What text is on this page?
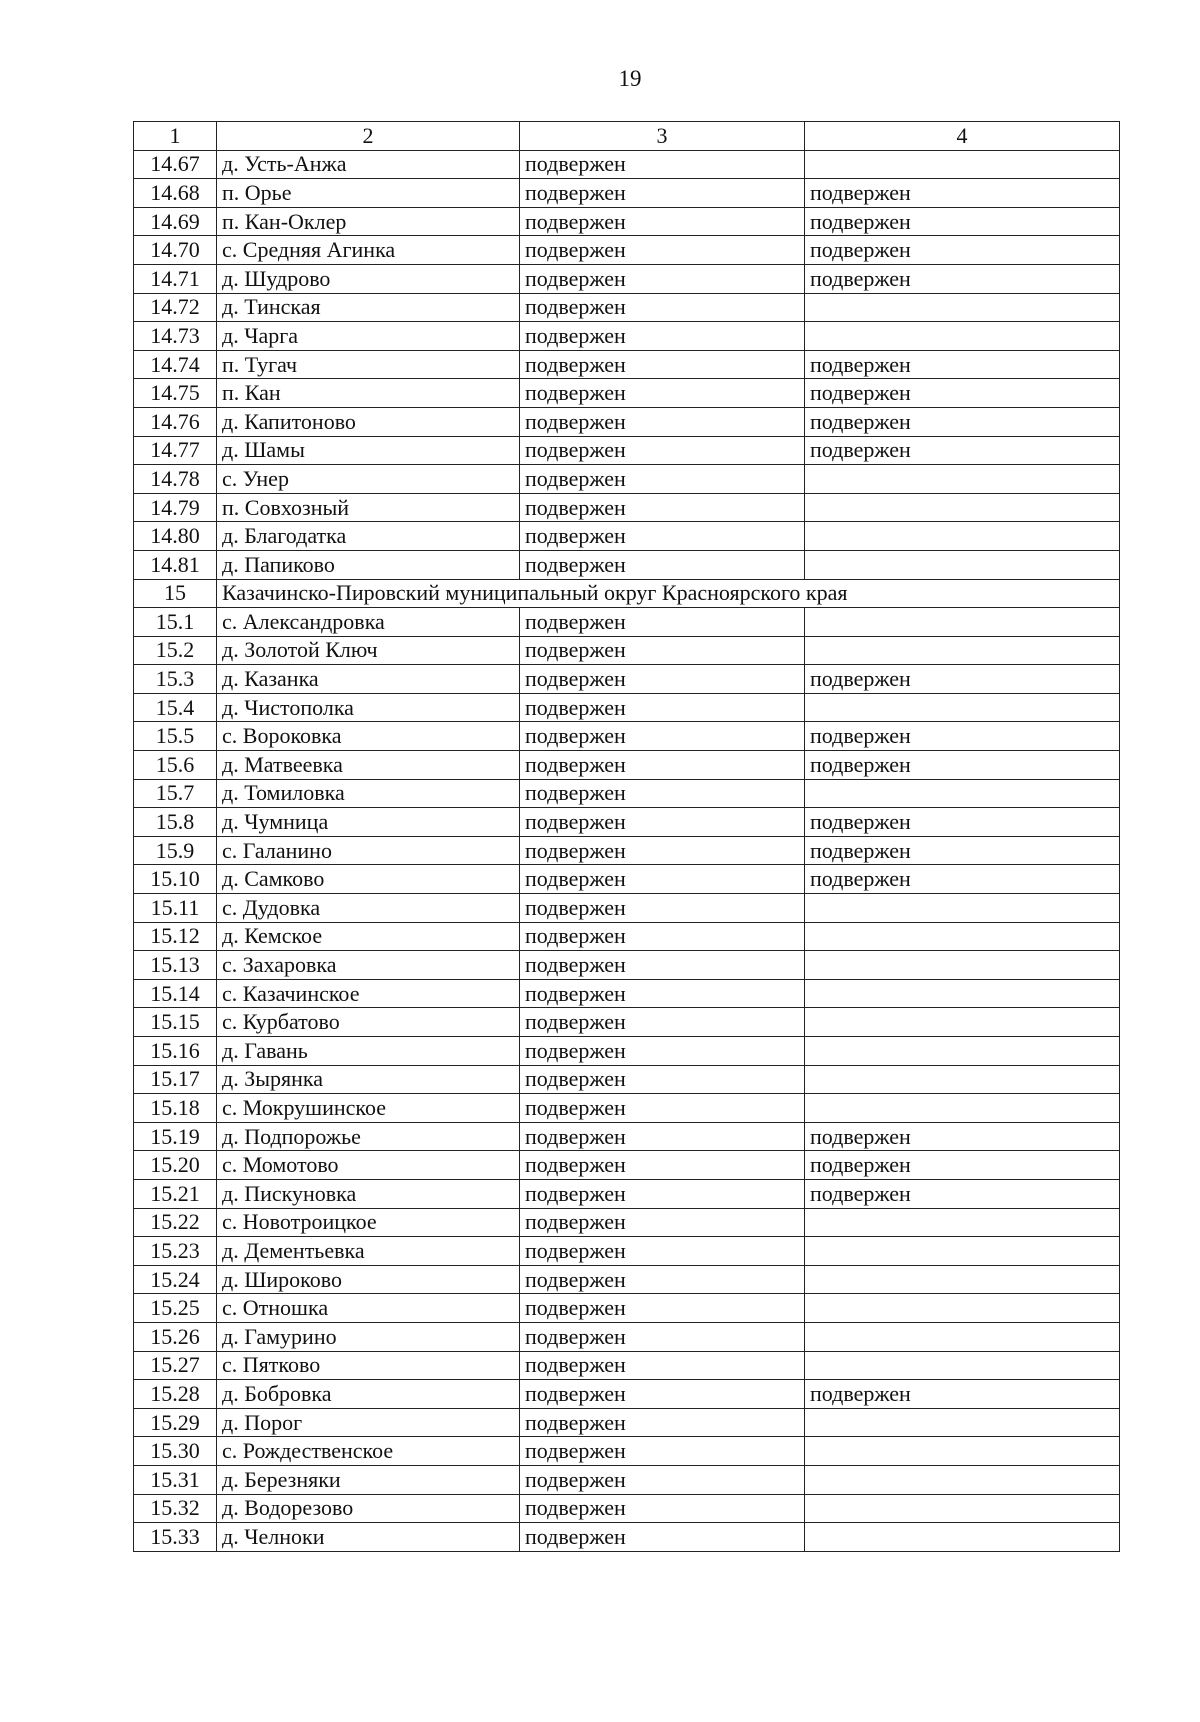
19
1	2	3	4
14.67	д. Усть-Анжа	подвержен	
14.68	п. Орье	подвержен	подвержен
14.69	п. Кан-Оклер	подвержен	подвержен
14.70	с. Средняя Агинка	подвержен	подвержен
14.71	д. Шудрово	подвержен	подвержен
14.72	д. Тинская	подвержен	
14.73	д. Чарга	подвержен	
14.74	п. Тугач	подвержен	подвержен
14.75	п. Кан	подвержен	подвержен
14.76	д. Капитоново	подвержен	подвержен
14.77	д. Шамы	подвержен	подвержен
14.78	с. Унер	подвержен	
14.79	п. Совхозный	подвержен	
14.80	д. Благодатка	подвержен	
14.81	д. Папиково	подвержен	
15	Казачинско-Пировский муниципальный округ Красноярского края		
15.1	с. Александровка	подвержен	
15.2	д. Золотой Ключ	подвержен	
15.3	д. Казанка	подвержен	подвержен
15.4	д. Чистополка	подвержен	
15.5	с. Вороковка	подвержен	подвержен
15.6	д. Матвеевка	подвержен	подвержен
15.7	д. Томиловка	подвержен	
15.8	д. Чумница	подвержен	подвержен
15.9	с. Галанино	подвержен	подвержен
15.10	д. Самково	подвержен	подвержен
15.11	с. Дудовка	подвержен	
15.12	д. Кемское	подвержен	
15.13	с. Захаровка	подвержен	
15.14	с. Казачинское	подвержен	
15.15	с. Курбатово	подвержен	
15.16	д. Гавань	подвержен	
15.17	д. Зырянка	подвержен	
15.18	с. Мокрушинское	подвержен	
15.19	д. Подпорожье	подвержен	подвержен
15.20	с. Момотово	подвержен	подвержен
15.21	д. Пискуновка	подвержен	подвержен
15.22	с. Новотроицкое	подвержен	
15.23	д. Дементьевка	подвержен	
15.24	д. Широково	подвержен	
15.25	с. Отношка	подвержен	
15.26	д. Гамурино	подвержен	
15.27	с. Пятково	подвержен	
15.28	д. Бобровка	подвержен	подвержен
15.29	д. Порог	подвержен	
15.30	с. Рождественское	подвержен	
15.31	д. Березняки	подвержен	
15.32	д. Водорезово	подвержен	
15.33	д. Челноки	подвержен	
